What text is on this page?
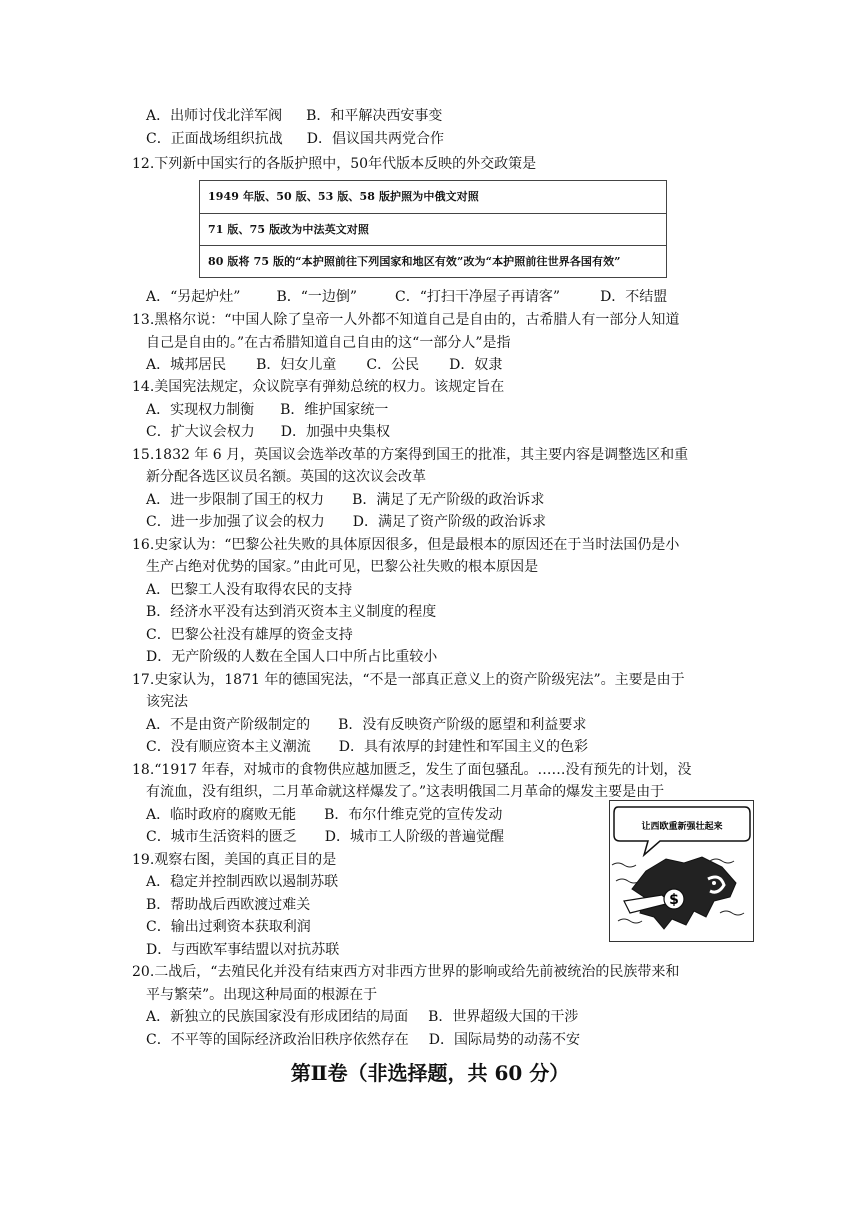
A．出师讨伐北洋军阀 B．和平解决西安事变
C．正面战场组织抗战 D．倡议国共两党合作
12.下列新中国实行的各版护照中，50年代版本反映的外交政策是
1949 年版、50 版、53 版、58 版护照为中俄文对照
71 版、75 版改为中法英文对照
80 版将 75 版的“本护照前往下列国家和地区有效”改为“本护照前往世界各国有效”
A．“另起炉灶”	B．“一边倒”	C．“打扫干净屋子再请客”	D．不结盟
13.黑格尔说：“中国人除了皇帝一人外都不知道自己是自由的，古希腊人有一部分人知道
自己是自由的。”在古希腊知道自己自由的这“一部分人”是指
A．城邦居民 B．妇女儿童 C．公民 D．奴隶
14.美国宪法规定，众议院享有弹劾总统的权力。该规定旨在
A．实现权力制衡 B．维护国家统一
C．扩大议会权力 D．加强中央集权
15.1832 年 6 月，英国议会选举改革的方案得到国王的批准，其主要内容是调整选区和重
新分配各选区议员名额。英国的这次议会改革
A．进一步限制了国王的权力 B．满足了无产阶级的政治诉求
C．进一步加强了议会的权力 D．满足了资产阶级的政治诉求
16.史家认为：“巴黎公社失败的具体原因很多，但是最根本的原因还在于当时法国仍是小
生产占绝对优势的国家。”由此可见，巴黎公社失败的根本原因是
A．巴黎工人没有取得农民的支持
B．经济水平没有达到消灭资本主义制度的程度
C．巴黎公社没有雄厚的资金支持
D．无产阶级的人数在全国人口中所占比重较小
17.史家认为，1871 年的德国宪法，“不是一部真正意义上的资产阶级宪法”。主要是由于
该宪法
A．不是由资产阶级制定的 B．没有反映资产阶级的愿望和利益要求
C．没有顺应资本主义潮流 D．具有浓厚的封建性和军国主义的色彩
18.“1917 年春，对城市的食物供应越加匮乏，发生了面包骚乱。……没有预先的计划，没
有流血，没有组织，二月革命就这样爆发了。”这表明俄国二月革命的爆发主要是由于
A．临时政府的腐败无能 B．布尔什维克党的宣传发动
C．城市生活资料的匮乏 D．城市工人阶级的普遍觉醒
让西欧重新强壮起来
$
19.观察右图，美国的真正目的是
A．稳定并控制西欧以遏制苏联
B．帮助战后西欧渡过难关
C．输出过剩资本获取利润
D．与西欧军事结盟以对抗苏联
20.二战后，“去殖民化并没有结束西方对非西方世界的影响或给先前被统治的民族带来和
平与繁荣”。出现这种局面的根源在于
A．新独立的民族国家没有形成团结的局面 B．世界超级大国的干涉
C．不平等的国际经济政治旧秩序依然存在 D．国际局势的动荡不安
第Ⅱ卷（非选择题，共 60 分）
